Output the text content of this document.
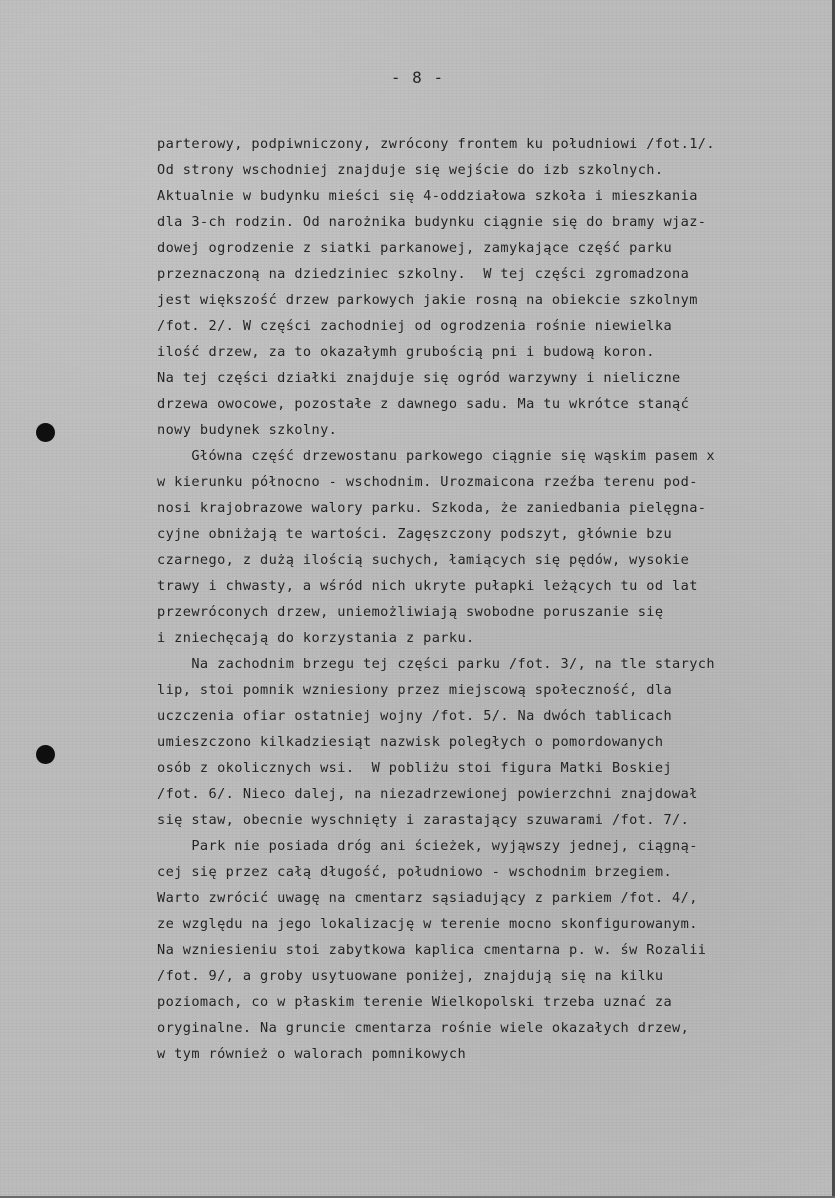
- 8 -
parterowy, podpiwniczony, zwrócony frontem ku południowi /fot.1/.
Od strony wschodniej znajduje się wejście do izb szkolnych.
Aktualnie w budynku mieści się 4-oddziałowa szkoła i mieszkania
dla 3-ch rodzin. Od narożnika budynku ciągnie się do bramy wjaz-
dowej ogrodzenie z siatki parkanowej, zamykające część parku
przeznaczoną na dziedziniec szkolny.  W tej części zgromadzona
jest większość drzew parkowych jakie rosną na obiekcie szkolnym
/fot. 2/. W części zachodniej od ogrodzenia rośnie niewielka
ilość drzew, za to okazałymh grubością pni i budową koron.
Na tej części działki znajduje się ogród warzywny i nieliczne
drzewa owocowe, pozostałe z dawnego sadu. Ma tu wkrótce stanąć
nowy budynek szkolny.
Główna część drzewostanu parkowego ciągnie się wąskim pasem x
w kierunku północno - wschodnim. Urozmaicona rzeźba terenu pod-
nosi krajobrazowe walory parku. Szkoda, że zaniedbania pielęgna-
cyjne obniżają te wartości. Zagęszczony podszyt, głównie bzu
czarnego, z dużą ilością suchych, łamiących się pędów, wysokie
trawy i chwasty, a wśród nich ukryte pułapki leżących tu od lat
przewróconych drzew, uniemożliwiają swobodne poruszanie się
i zniechęcają do korzystania z parku.
Na zachodnim brzegu tej części parku /fot. 3/, na tle starych
lip, stoi pomnik wzniesiony przez miejscową społeczność, dla
uczczenia ofiar ostatniej wojny /fot. 5/. Na dwóch tablicach
umieszczono kilkadziesiąt nazwisk poległych o pomordowanych
osób z okolicznych wsi.  W pobliżu stoi figura Matki Boskiej
/fot. 6/. Nieco dalej, na niezadrzewionej powierzchni znajdował
się staw, obecnie wyschnięty i zarastający szuwarami /fot. 7/.
Park nie posiada dróg ani ścieżek, wyjąwszy jednej, ciągną-
cej się przez całą długość, południowo - wschodnim brzegiem.
Warto zwrócić uwagę na cmentarz sąsiadujący z parkiem /fot. 4/,
ze względu na jego lokalizację w terenie mocno skonfigurowanym.
Na wzniesieniu stoi zabytkowa kaplica cmentarna p. w. św Rozalii
/fot. 9/, a groby usytuowane poniżej, znajdują się na kilku
poziomach, co w płaskim terenie Wielkopolski trzeba uznać za
oryginalne. Na gruncie cmentarza rośnie wiele okazałych drzew,
w tym również o walorach pomnikowych
